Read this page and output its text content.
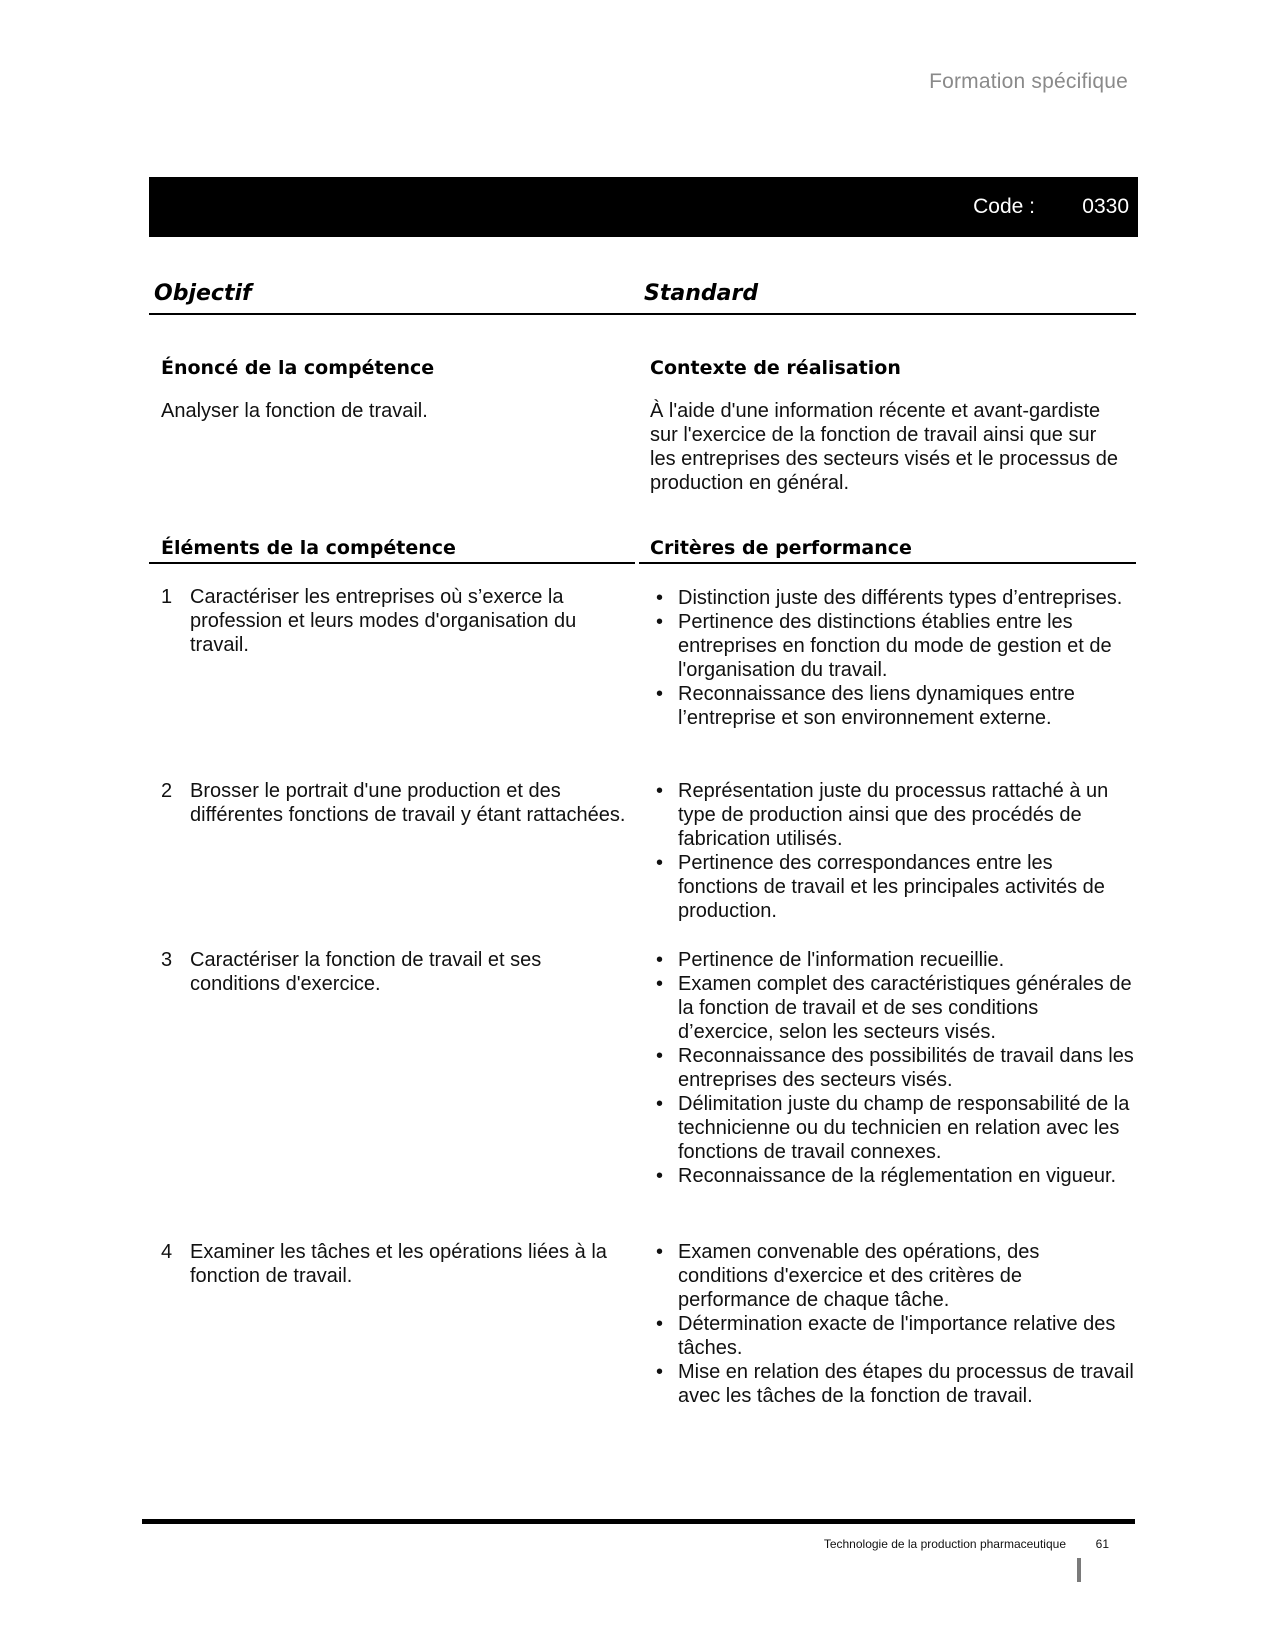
Formation spécifique
Code : 0330
Objectif	Standard
Énoncé de la compétence
Analyser la fonction de travail.
Contexte de réalisation
À l'aide d'une information récente et avant-gardiste sur l'exercice de la fonction de travail ainsi que sur les entreprises des secteurs visés et le processus de production en général.
Éléments de la compétence	Critères de performance
1 Caractériser les entreprises où s’exerce la profession et leurs modes d'organisation du travail.
• Distinction juste des différents types d’entreprises.
• Pertinence des distinctions établies entre les entreprises en fonction du mode de gestion et de l'organisation du travail.
• Reconnaissance des liens dynamiques entre l’entreprise et son environnement externe.
2 Brosser le portrait d'une production et des différentes fonctions de travail y étant rattachées.
• Représentation juste du processus rattaché à un type de production ainsi que des procédés de fabrication utilisés.
• Pertinence des correspondances entre les fonctions de travail et les principales activités de production.
3 Caractériser la fonction de travail et ses conditions d'exercice.
• Pertinence de l'information recueillie.
• Examen complet des caractéristiques générales de la fonction de travail et de ses conditions d’exercice, selon les secteurs visés.
• Reconnaissance des possibilités de travail dans les entreprises des secteurs visés.
• Délimitation juste du champ de responsabilité de la technicienne ou du technicien en relation avec les fonctions de travail connexes.
• Reconnaissance de la réglementation en vigueur.
4 Examiner les tâches et les opérations liées à la fonction de travail.
• Examen convenable des opérations, des conditions d'exercice et des critères de performance de chaque tâche.
• Détermination exacte de l'importance relative des tâches.
• Mise en relation des étapes du processus de travail avec les tâches de la fonction de travail.
Technologie de la production pharmaceutique 61
